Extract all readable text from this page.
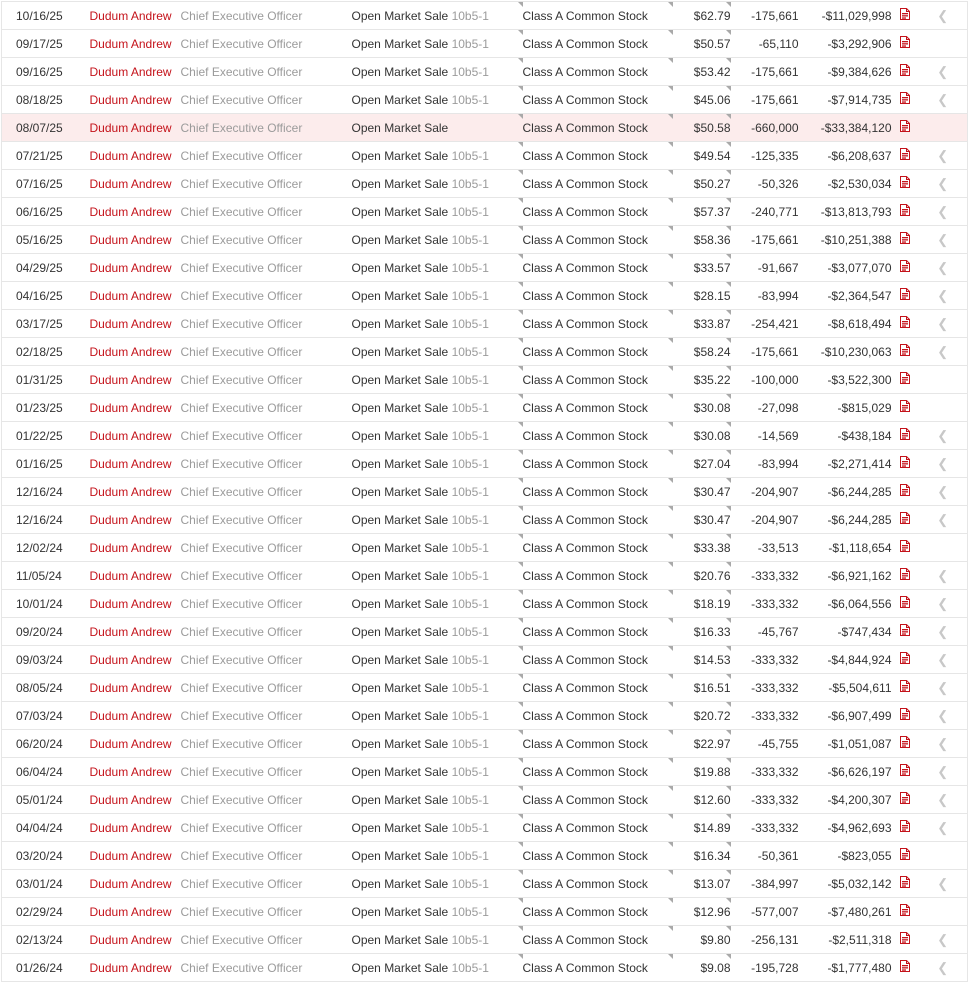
10/16/25	Dudum Andrew	Chief Executive Officer	Open Market Sale 10b5-1	Class A Common Stock	$62.79	-175,661	-$11,029,998		❮
09/17/25	Dudum Andrew	Chief Executive Officer	Open Market Sale 10b5-1	Class A Common Stock	$50.57	-65,110	-$3,292,906		
09/16/25	Dudum Andrew	Chief Executive Officer	Open Market Sale 10b5-1	Class A Common Stock	$53.42	-175,661	-$9,384,626		❮
08/18/25	Dudum Andrew	Chief Executive Officer	Open Market Sale 10b5-1	Class A Common Stock	$45.06	-175,661	-$7,914,735		❮
08/07/25	Dudum Andrew	Chief Executive Officer	Open Market Sale	Class A Common Stock	$50.58	-660,000	-$33,384,120		
07/21/25	Dudum Andrew	Chief Executive Officer	Open Market Sale 10b5-1	Class A Common Stock	$49.54	-125,335	-$6,208,637		❮
07/16/25	Dudum Andrew	Chief Executive Officer	Open Market Sale 10b5-1	Class A Common Stock	$50.27	-50,326	-$2,530,034		❮
06/16/25	Dudum Andrew	Chief Executive Officer	Open Market Sale 10b5-1	Class A Common Stock	$57.37	-240,771	-$13,813,793		❮
05/16/25	Dudum Andrew	Chief Executive Officer	Open Market Sale 10b5-1	Class A Common Stock	$58.36	-175,661	-$10,251,388		❮
04/29/25	Dudum Andrew	Chief Executive Officer	Open Market Sale 10b5-1	Class A Common Stock	$33.57	-91,667	-$3,077,070		❮
04/16/25	Dudum Andrew	Chief Executive Officer	Open Market Sale 10b5-1	Class A Common Stock	$28.15	-83,994	-$2,364,547		❮
03/17/25	Dudum Andrew	Chief Executive Officer	Open Market Sale 10b5-1	Class A Common Stock	$33.87	-254,421	-$8,618,494		❮
02/18/25	Dudum Andrew	Chief Executive Officer	Open Market Sale 10b5-1	Class A Common Stock	$58.24	-175,661	-$10,230,063		❮
01/31/25	Dudum Andrew	Chief Executive Officer	Open Market Sale 10b5-1	Class A Common Stock	$35.22	-100,000	-$3,522,300		
01/23/25	Dudum Andrew	Chief Executive Officer	Open Market Sale 10b5-1	Class A Common Stock	$30.08	-27,098	-$815,029		
01/22/25	Dudum Andrew	Chief Executive Officer	Open Market Sale 10b5-1	Class A Common Stock	$30.08	-14,569	-$438,184		❮
01/16/25	Dudum Andrew	Chief Executive Officer	Open Market Sale 10b5-1	Class A Common Stock	$27.04	-83,994	-$2,271,414		❮
12/16/24	Dudum Andrew	Chief Executive Officer	Open Market Sale 10b5-1	Class A Common Stock	$30.47	-204,907	-$6,244,285		❮
12/16/24	Dudum Andrew	Chief Executive Officer	Open Market Sale 10b5-1	Class A Common Stock	$30.47	-204,907	-$6,244,285		❮
12/02/24	Dudum Andrew	Chief Executive Officer	Open Market Sale 10b5-1	Class A Common Stock	$33.38	-33,513	-$1,118,654		
11/05/24	Dudum Andrew	Chief Executive Officer	Open Market Sale 10b5-1	Class A Common Stock	$20.76	-333,332	-$6,921,162		❮
10/01/24	Dudum Andrew	Chief Executive Officer	Open Market Sale 10b5-1	Class A Common Stock	$18.19	-333,332	-$6,064,556		❮
09/20/24	Dudum Andrew	Chief Executive Officer	Open Market Sale 10b5-1	Class A Common Stock	$16.33	-45,767	-$747,434		❮
09/03/24	Dudum Andrew	Chief Executive Officer	Open Market Sale 10b5-1	Class A Common Stock	$14.53	-333,332	-$4,844,924		❮
08/05/24	Dudum Andrew	Chief Executive Officer	Open Market Sale 10b5-1	Class A Common Stock	$16.51	-333,332	-$5,504,611		❮
07/03/24	Dudum Andrew	Chief Executive Officer	Open Market Sale 10b5-1	Class A Common Stock	$20.72	-333,332	-$6,907,499		❮
06/20/24	Dudum Andrew	Chief Executive Officer	Open Market Sale 10b5-1	Class A Common Stock	$22.97	-45,755	-$1,051,087		❮
06/04/24	Dudum Andrew	Chief Executive Officer	Open Market Sale 10b5-1	Class A Common Stock	$19.88	-333,332	-$6,626,197		❮
05/01/24	Dudum Andrew	Chief Executive Officer	Open Market Sale 10b5-1	Class A Common Stock	$12.60	-333,332	-$4,200,307		❮
04/04/24	Dudum Andrew	Chief Executive Officer	Open Market Sale 10b5-1	Class A Common Stock	$14.89	-333,332	-$4,962,693		❮
03/20/24	Dudum Andrew	Chief Executive Officer	Open Market Sale 10b5-1	Class A Common Stock	$16.34	-50,361	-$823,055		
03/01/24	Dudum Andrew	Chief Executive Officer	Open Market Sale 10b5-1	Class A Common Stock	$13.07	-384,997	-$5,032,142		❮
02/29/24	Dudum Andrew	Chief Executive Officer	Open Market Sale 10b5-1	Class A Common Stock	$12.96	-577,007	-$7,480,261		
02/13/24	Dudum Andrew	Chief Executive Officer	Open Market Sale 10b5-1	Class A Common Stock	$9.80	-256,131	-$2,511,318		❮
01/26/24	Dudum Andrew	Chief Executive Officer	Open Market Sale 10b5-1	Class A Common Stock	$9.08	-195,728	-$1,777,480		❮
